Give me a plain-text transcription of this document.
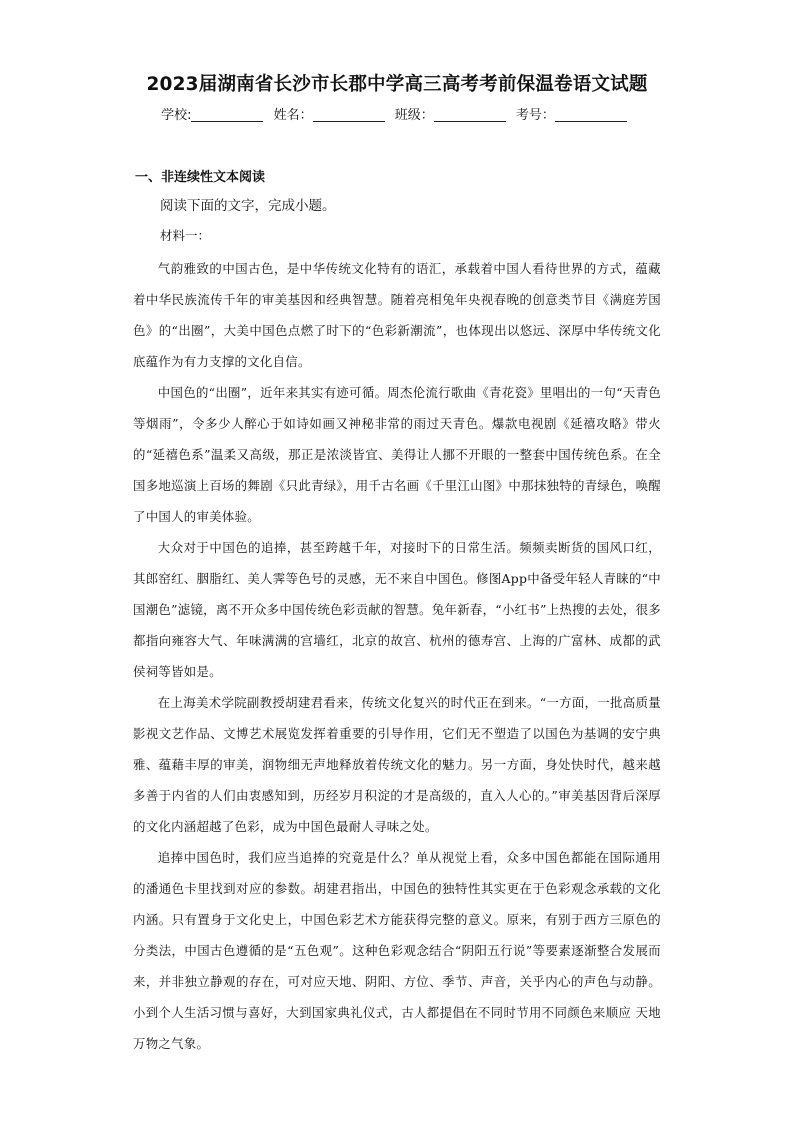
2023届湖南省长沙市长郡中学高三高考考前保温卷语文试题
学校:	姓名：	班级：	考号：
一、非连续性文本阅读
阅读下面的文字，完成小题。
材料一：

气韵雅致的中国古色，是中华传统文化特有的语汇，承载着中国人看待世界的方式，蕴藏着中华民族流传千年的审美基因和经典智慧。随着亮相兔年央视春晚的创意类节目《满庭芳国色》的“出圈”，大美中国色点燃了时下的“色彩新潮流”，也体现出以悠远、深厚中华传统文化底蕴作为有力支撑的文化自信。

中国色的“出圈”，近年来其实有迹可循。周杰伦流行歌曲《青花瓷》里唱出的一句“天青色等烟雨”，令多少人醉心于如诗如画又神秘非常的雨过天青色。爆款电视剧《延禧攻略》带火的“延禧色系”温柔又高级，那正是浓淡皆宜、美得让人挪不开眼的一整套中国传统色系。在全国多地巡演上百场的舞剧《只此青绿》，用千古名画《千里江山图》中那抹独特的青绿色，唤醒了中国人的审美体验。

大众对于中国色的追捧，甚至跨越千年，对接时下的日常生活。频频卖断货的国风口红，其郎窑红、胭脂红、美人霁等色号的灵感，无不来自中国色。修图App中备受年轻人青睐的“中国潮色”滤镜，离不开众多中国传统色彩贡献的智慧。兔年新春，“小红书”上热搜的去处，很多都指向雍容大气、年味满满的宫墙红，北京的故宫、杭州的德寿宫、上海的广富林、成都的武侯祠等皆如是。

在上海美术学院副教授胡建君看来，传统文化复兴的时代正在到来。“一方面，一批高质量影视文艺作品、文博艺术展览发挥着重要的引导作用，它们无不塑造了以国色为基调的安宁典雅、蕴藉丰厚的审美，润物细无声地释放着传统文化的魅力。另一方面，身处快时代，越来越多善于内省的人们由衷感知到，历经岁月积淀的才是高级的，直入人心的。”审美基因背后深厚的文化内涵超越了色彩，成为中国色最耐人寻味之处。

追捧中国色时，我们应当追捧的究竟是什么？单从视觉上看，众多中国色都能在国际通用的潘通色卡里找到对应的参数。胡建君指出，中国色的独特性其实更在于色彩观念承载的文化内涵。只有置身于文化史上，中国色彩艺术方能获得完整的意义。原来，有别于西方三原色的分类法，中国古色遵循的是“五色观”。这种色彩观念结合“阴阳五行说”等要素逐渐整合发展而来，并非独立静观的存在，可对应天地、阴阳、方位、季节、声音，关乎内心的声色与动静。小到个人生活习惯与喜好，大到国家典礼仪式，古人都提倡在不同时节用不同颜色来顺应 天地万物之气象。
